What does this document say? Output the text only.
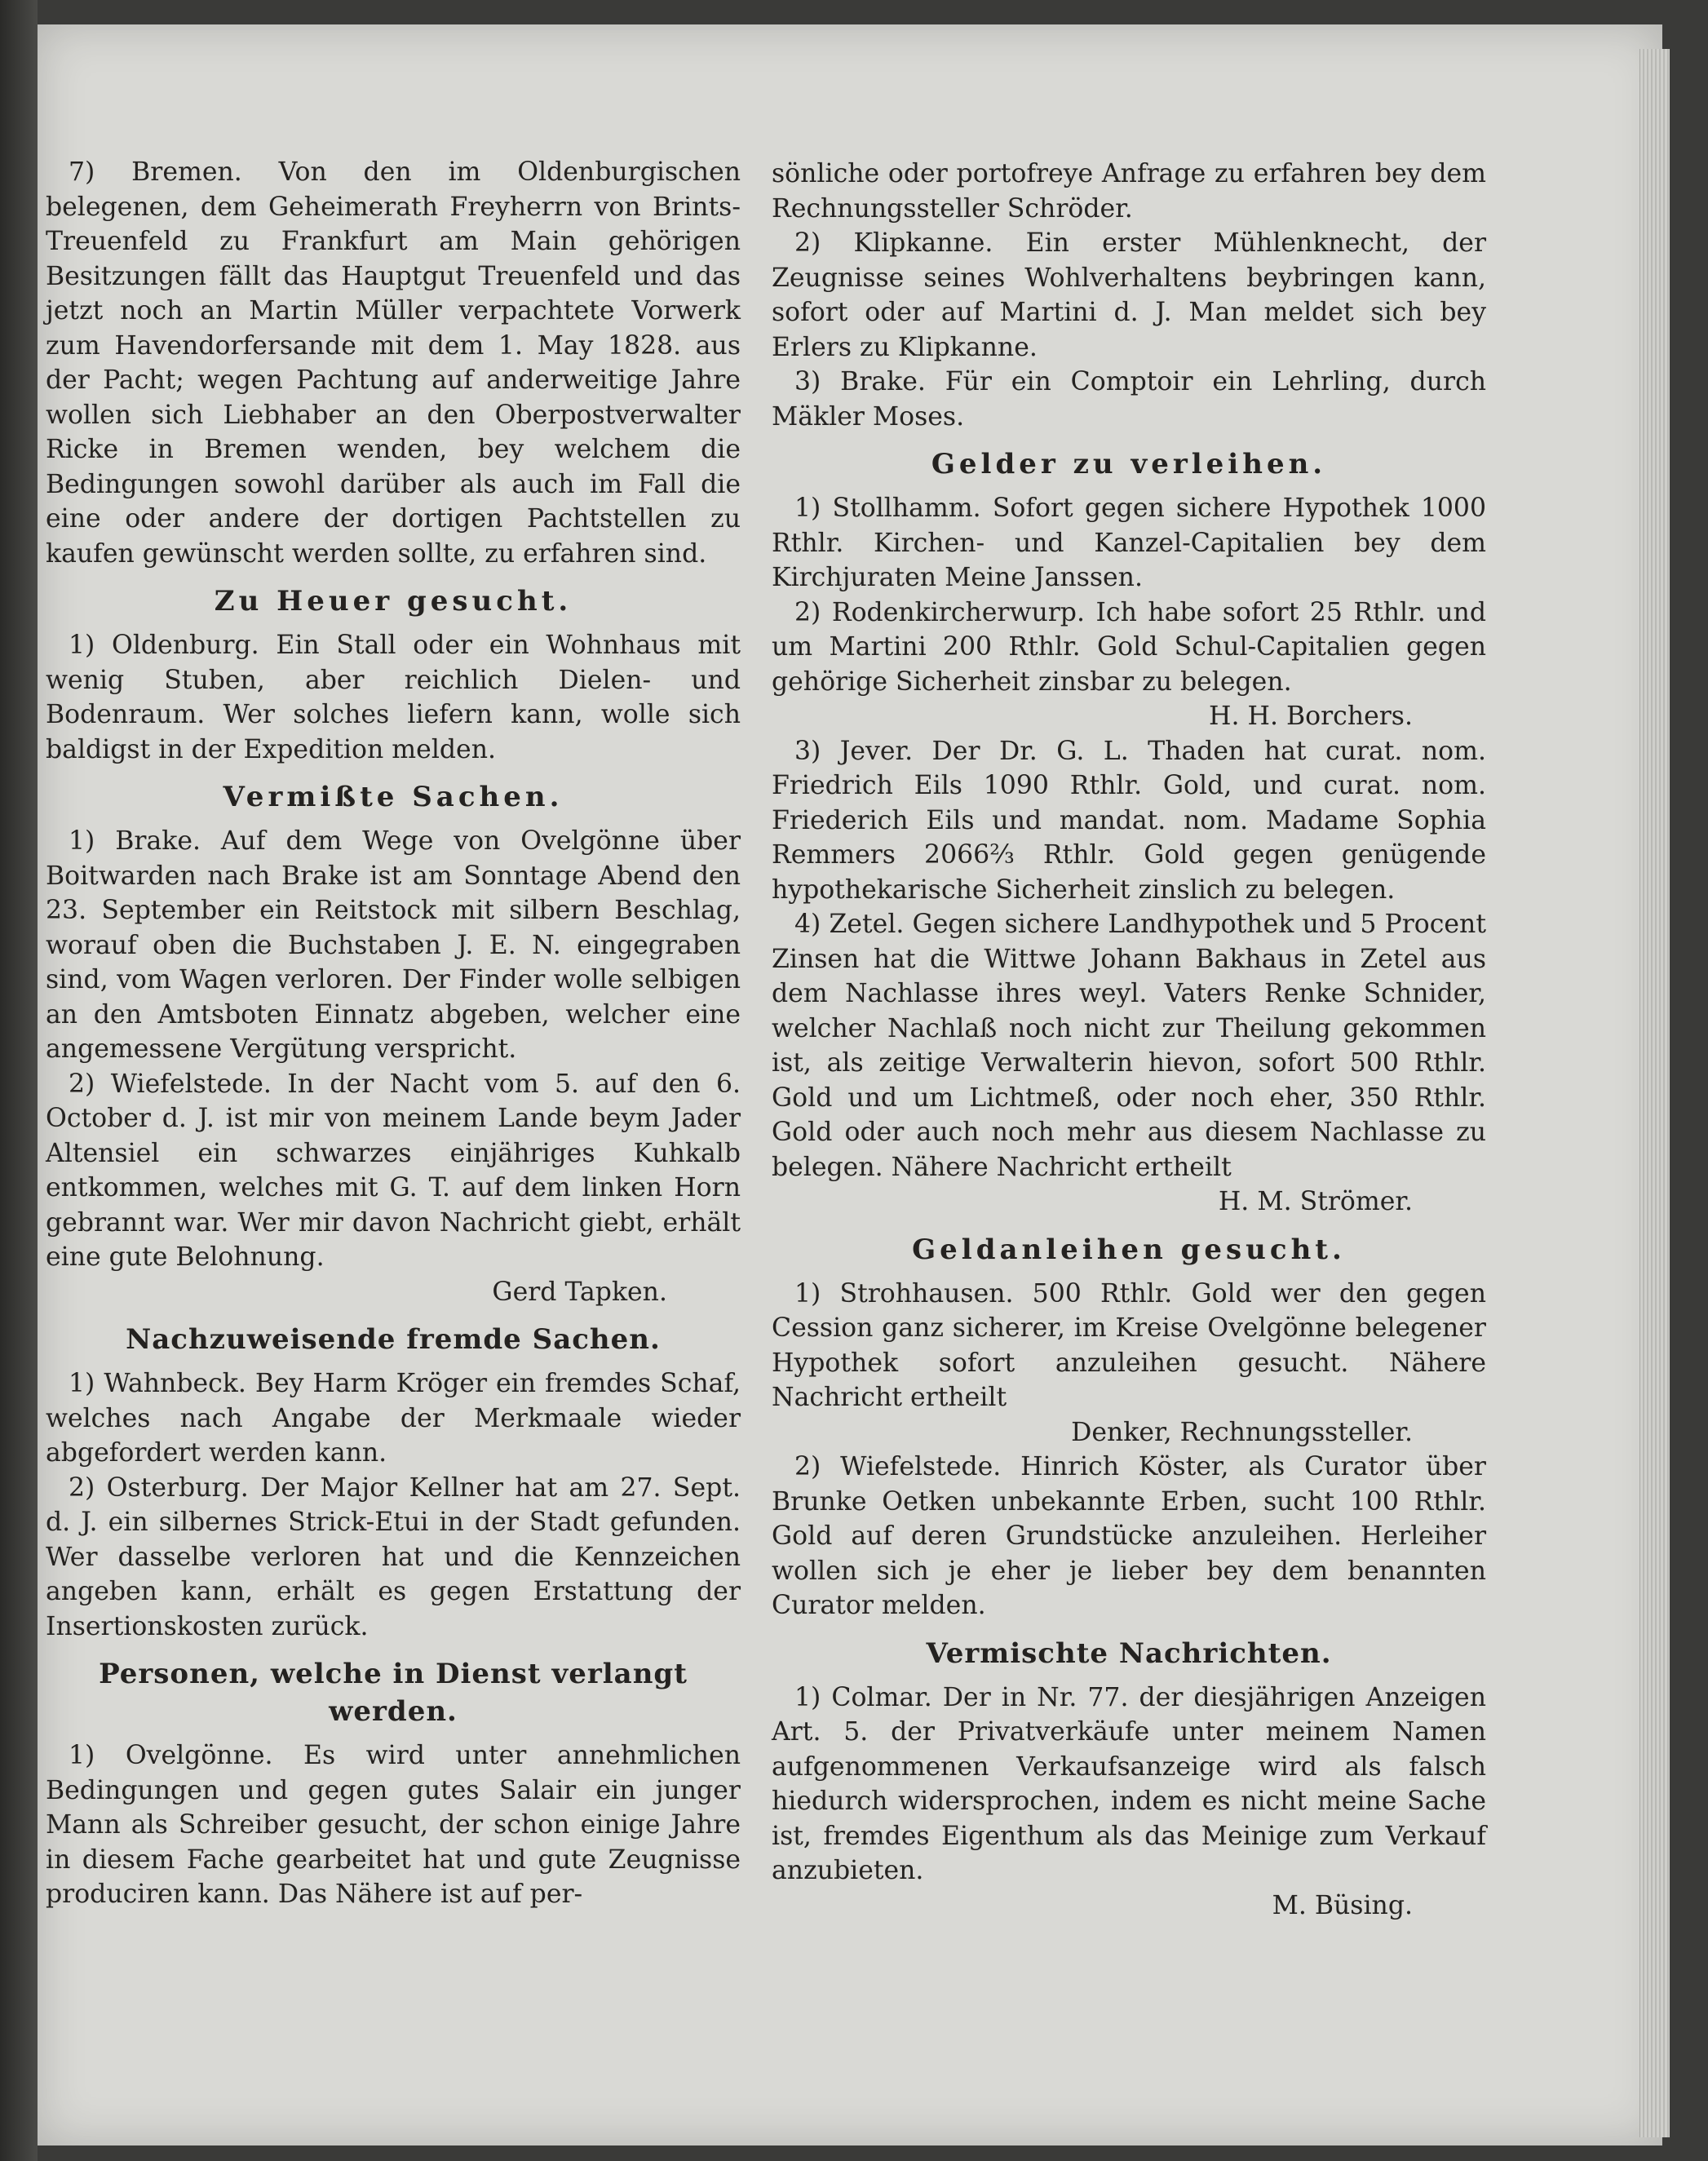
7) Bremen. Von den im Oldenburgischen belegenen, dem Geheimerath Freyherrn von Brints-Treuenfeld zu Frankfurt am Main gehörigen Besitzungen fällt das Hauptgut Treuenfeld und das jetzt noch an Martin Müller verpachtete Vorwerk zum Havendorfersande mit dem 1. May 1828. aus der Pacht; wegen Pachtung auf anderweitige Jahre wollen sich Liebhaber an den Oberpostverwalter Ricke in Bremen wenden, bey welchem die Bedingungen sowohl darüber als auch im Fall die eine oder andere der dortigen Pachtstellen zu kaufen gewünscht werden sollte, zu erfahren sind.

Zu Heuer gesucht.

1) Oldenburg. Ein Stall oder ein Wohnhaus mit wenig Stuben, aber reichlich Dielen- und Bodenraum. Wer solches liefern kann, wolle sich baldigst in der Expedition melden.

Vermißte Sachen.

1) Brake. Auf dem Wege von Ovelgönne über Boitwarden nach Brake ist am Sonntage Abend den 23. September ein Reitstock mit silbern Beschlag, worauf oben die Buchstaben J. E. N. eingegraben sind, vom Wagen verloren. Der Finder wolle selbigen an den Amtsboten Einnatz abgeben, welcher eine angemessene Vergütung verspricht.

2) Wiefelstede. In der Nacht vom 5. auf den 6. October d. J. ist mir von meinem Lande beym Jader Altensiel ein schwarzes einjähriges Kuhkalb entkommen, welches mit G. T. auf dem linken Horn gebrannt war. Wer mir davon Nachricht giebt, erhält eine gute Belohnung.

Gerd Tapken.

Nachzuweisende fremde Sachen.

1) Wahnbeck. Bey Harm Kröger ein fremdes Schaf, welches nach Angabe der Merkmaale wieder abgefordert werden kann.

2) Osterburg. Der Major Kellner hat am 27. Sept. d. J. ein silbernes Strick-Etui in der Stadt gefunden. Wer dasselbe verloren hat und die Kennzeichen angeben kann, erhält es gegen Erstattung der Insertionskosten zurück.

Personen, welche in Dienst verlangt werden.

1) Ovelgönne. Es wird unter annehmlichen Bedingungen und gegen gutes Salair ein junger Mann als Schreiber gesucht, der schon einige Jahre in diesem Fache gearbeitet hat und gute Zeugnisse produciren kann. Das Nähere ist auf per-

sönliche oder portofreye Anfrage zu erfahren bey dem Rechnungssteller Schröder.

2) Klipkanne. Ein erster Mühlenknecht, der Zeugnisse seines Wohlverhaltens beybringen kann, sofort oder auf Martini d. J. Man meldet sich bey Erlers zu Klipkanne.

3) Brake. Für ein Comptoir ein Lehrling, durch Mäkler Moses.

Gelder zu verleihen.

1) Stollhamm. Sofort gegen sichere Hypothek 1000 Rthlr. Kirchen- und Kanzel-Capitalien bey dem Kirchjuraten Meine Janssen.

2) Rodenkircherwurp. Ich habe sofort 25 Rthlr. und um Martini 200 Rthlr. Gold Schul-Capitalien gegen gehörige Sicherheit zinsbar zu belegen.

H. H. Borchers.

3) Jever. Der Dr. G. L. Thaden hat curat. nom. Friedrich Eils 1090 Rthlr. Gold, und curat. nom. Friederich Eils und mandat. nom. Madame Sophia Remmers 2066⅔ Rthlr. Gold gegen genügende hypothekarische Sicherheit zinslich zu belegen.

4) Zetel. Gegen sichere Landhypothek und 5 Procent Zinsen hat die Wittwe Johann Bakhaus in Zetel aus dem Nachlasse ihres weyl. Vaters Renke Schnider, welcher Nachlaß noch nicht zur Theilung gekommen ist, als zeitige Verwalterin hievon, sofort 500 Rthlr. Gold und um Lichtmeß, oder noch eher, 350 Rthlr. Gold oder auch noch mehr aus diesem Nachlasse zu belegen. Nähere Nachricht ertheilt

H. M. Strömer.

Geldanleihen gesucht.

1) Strohhausen. 500 Rthlr. Gold wer den gegen Cession ganz sicherer, im Kreise Ovelgönne belegener Hypothek sofort anzuleihen gesucht. Nähere Nachricht ertheilt

Denker, Rechnungssteller.

2) Wiefelstede. Hinrich Köster, als Curator über Brunke Oetken unbekannte Erben, sucht 100 Rthlr. Gold auf deren Grundstücke anzuleihen. Herleiher wollen sich je eher je lieber bey dem benannten Curator melden.

Vermischte Nachrichten.

1) Colmar. Der in Nr. 77. der diesjährigen Anzeigen Art. 5. der Privatverkäufe unter meinem Namen aufgenommenen Verkaufsanzeige wird als falsch hiedurch widersprochen, indem es nicht meine Sache ist, fremdes Eigenthum als das Meinige zum Verkauf anzubieten.

M. Büsing.
